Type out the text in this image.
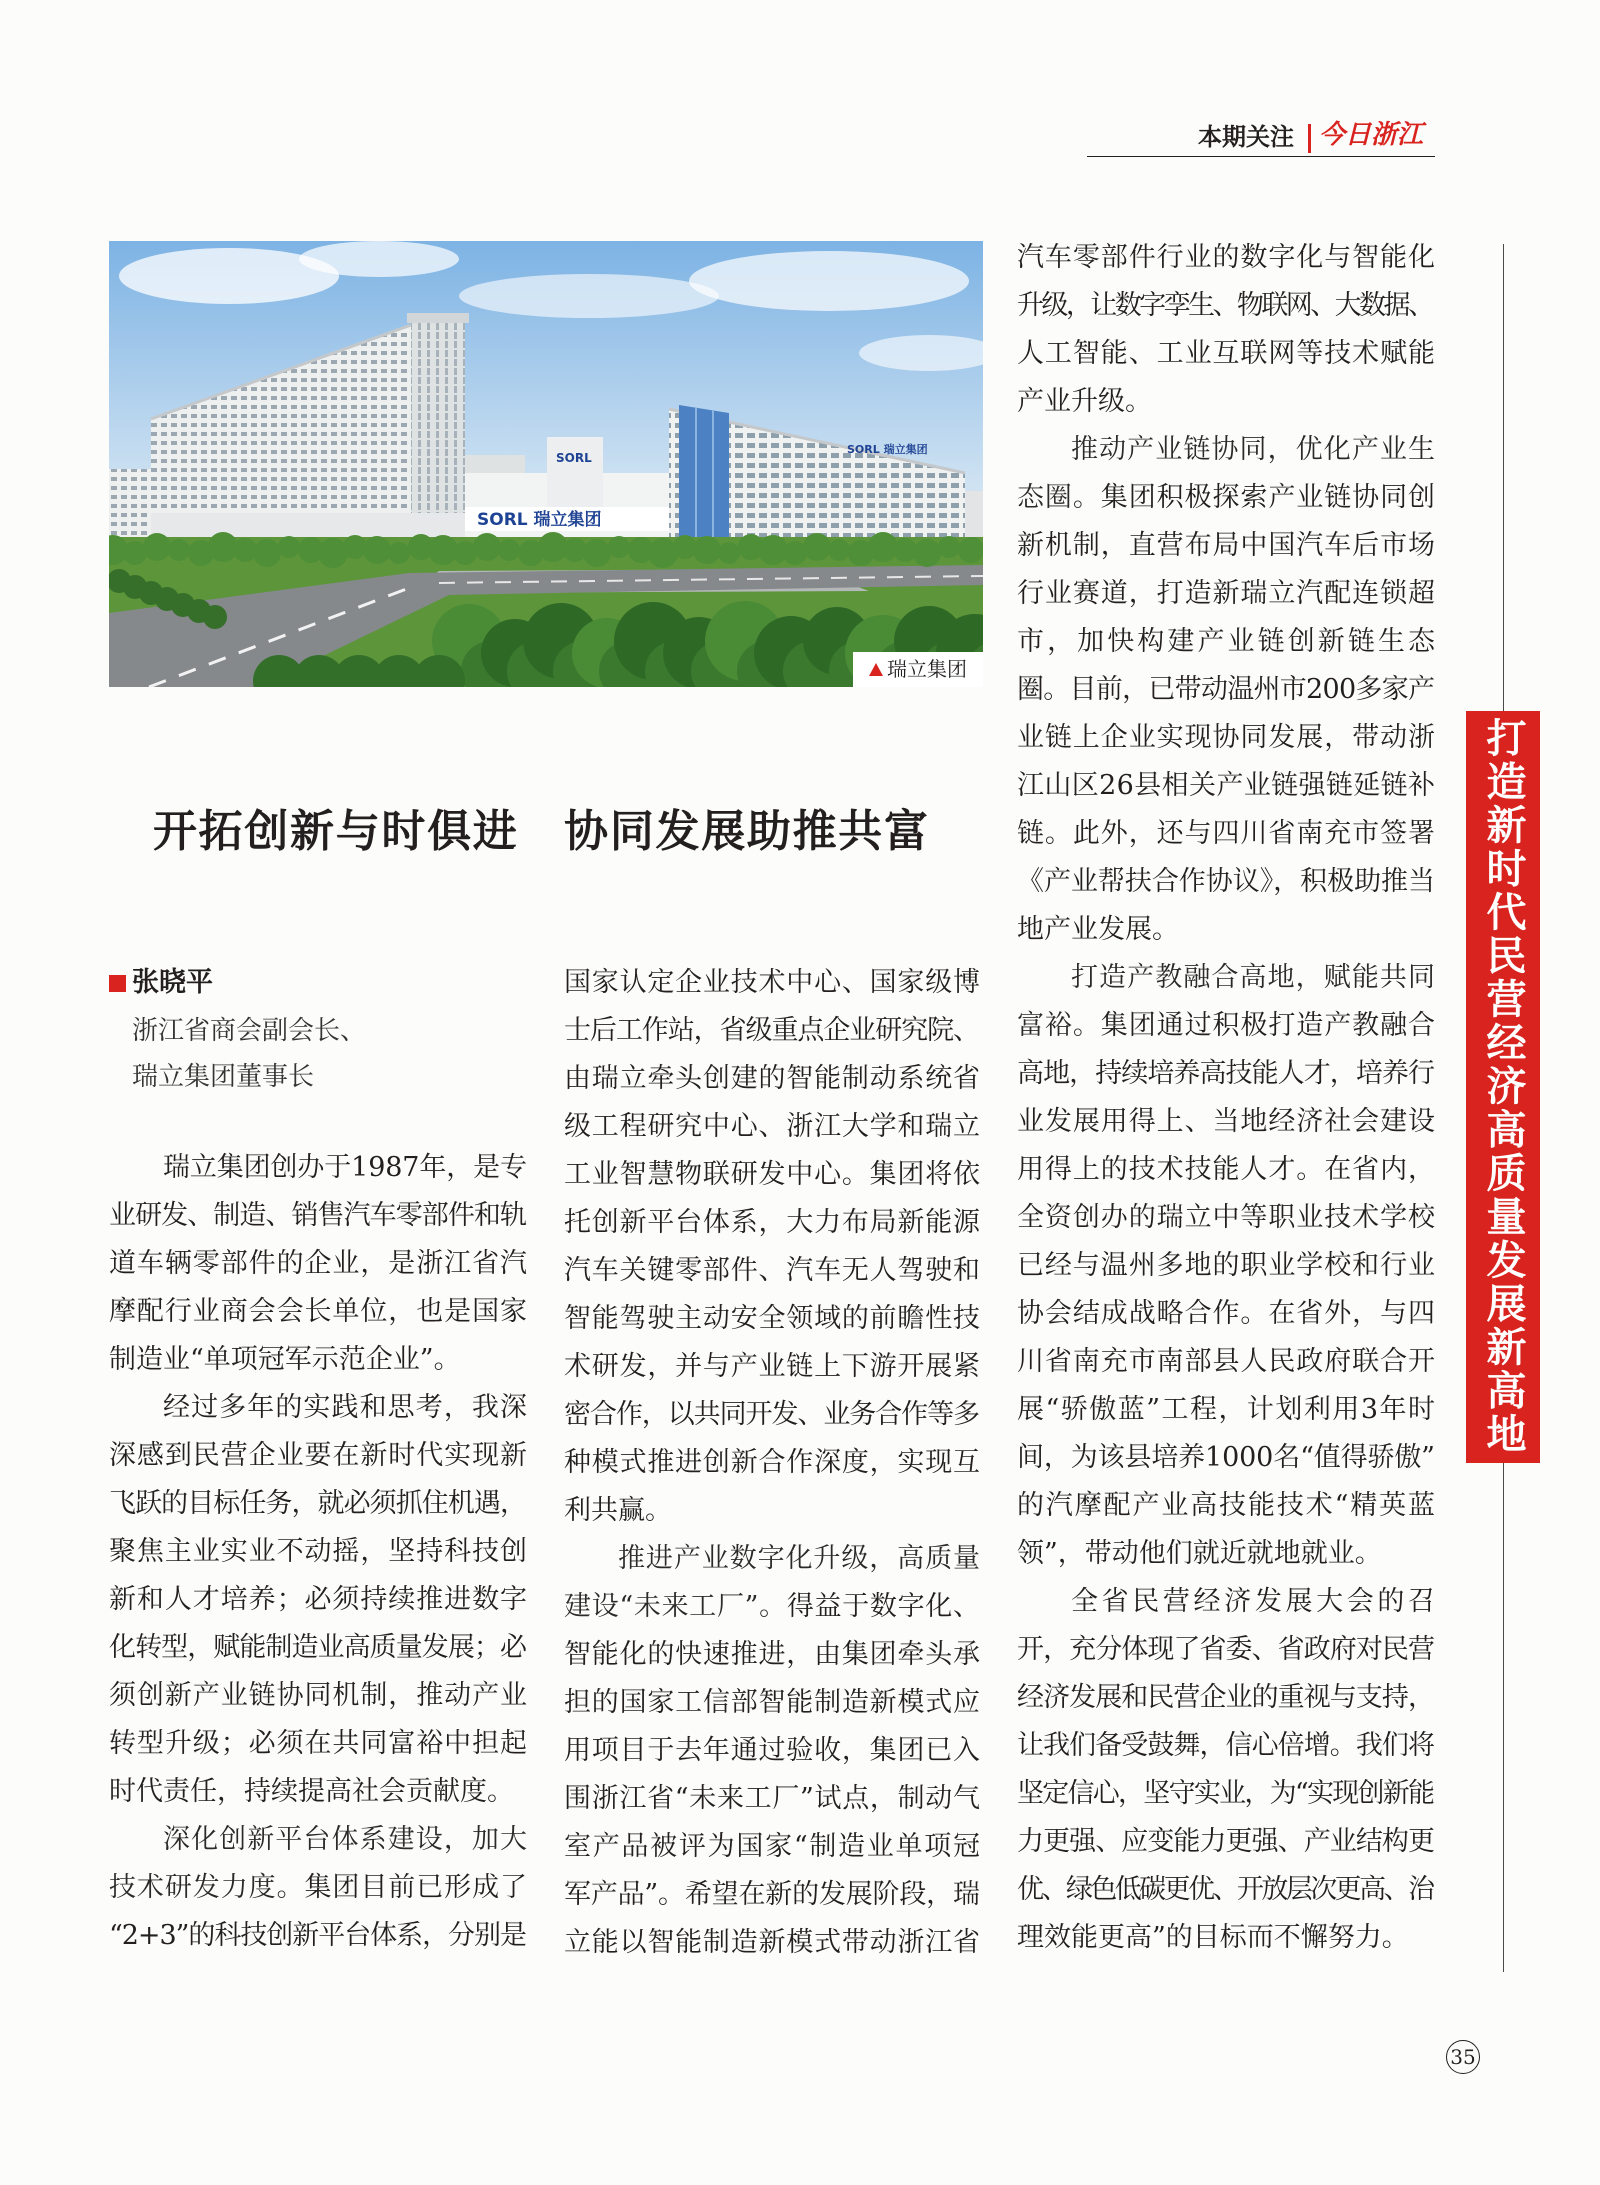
本期关注 今日浙江
SORL 瑞立集团
SORL
SORL 瑞立集团
瑞立集团
开拓创新与时俱进　协同发展助推共富
张晓平
浙江省商会副会长、
瑞立集团董事长
瑞立集团创办于1987年，是专
业研发、制造、销售汽车零部件和轨
道车辆零部件的企业，是浙江省汽
摩配行业商会会长单位，也是国家
制造业“单项冠军示范企业”。
经过多年的实践和思考，我深
深感到民营企业要在新时代实现新
飞跃的目标任务，就必须抓住机遇，
聚焦主业实业不动摇，坚持科技创
新和人才培养；必须持续推进数字
化转型，赋能制造业高质量发展；必
须创新产业链协同机制，推动产业
转型升级；必须在共同富裕中担起
时代责任，持续提高社会贡献度。
深化创新平台体系建设，加大
技术研发力度。集团目前已形成了
“2+3”的科技创新平台体系，分别是
国家认定企业技术中心、国家级博
士后工作站，省级重点企业研究院、
由瑞立牵头创建的智能制动系统省
级工程研究中心、浙江大学和瑞立
工业智慧物联研发中心。集团将依
托创新平台体系，大力布局新能源
汽车关键零部件、汽车无人驾驶和
智能驾驶主动安全领域的前瞻性技
术研发，并与产业链上下游开展紧
密合作，以共同开发、业务合作等多
种模式推进创新合作深度，实现互
利共赢。
推进产业数字化升级，高质量
建设“未来工厂”。得益于数字化、
智能化的快速推进，由集团牵头承
担的国家工信部智能制造新模式应
用项目于去年通过验收，集团已入
围浙江省“未来工厂”试点，制动气
室产品被评为国家“制造业单项冠
军产品”。希望在新的发展阶段，瑞
立能以智能制造新模式带动浙江省
汽车零部件行业的数字化与智能化
升级，让数字孪生、物联网、大数据、
人工智能、工业互联网等技术赋能
产业升级。
推动产业链协同，优化产业生
态圈。集团积极探索产业链协同创
新机制，直营布局中国汽车后市场
行业赛道，打造新瑞立汽配连锁超
市，加快构建产业链创新链生态
圈。目前，已带动温州市200多家产
业链上企业实现协同发展，带动浙
江山区26县相关产业链强链延链补
链。此外，还与四川省南充市签署
《产业帮扶合作协议》，积极助推当
地产业发展。
打造产教融合高地，赋能共同
富裕。集团通过积极打造产教融合
高地，持续培养高技能人才，培养行
业发展用得上、当地经济社会建设
用得上的技术技能人才。在省内，
全资创办的瑞立中等职业技术学校
已经与温州多地的职业学校和行业
协会结成战略合作。在省外，与四
川省南充市南部县人民政府联合开
展“骄傲蓝”工程，计划利用3年时
间，为该县培养1000名“值得骄傲”
的汽摩配产业高技能技术“精英蓝
领”，带动他们就近就地就业。
全省民营经济发展大会的召
开，充分体现了省委、省政府对民营
经济发展和民营企业的重视与支持，
让我们备受鼓舞，信心倍增。我们将
坚定信心，坚守实业，为“实现创新能
力更强、应变能力更强、产业结构更
优、绿色低碳更优、开放层次更高、治
理效能更高”的目标而不懈努力。
打造新时代民营经济高质量发展新高地
35
